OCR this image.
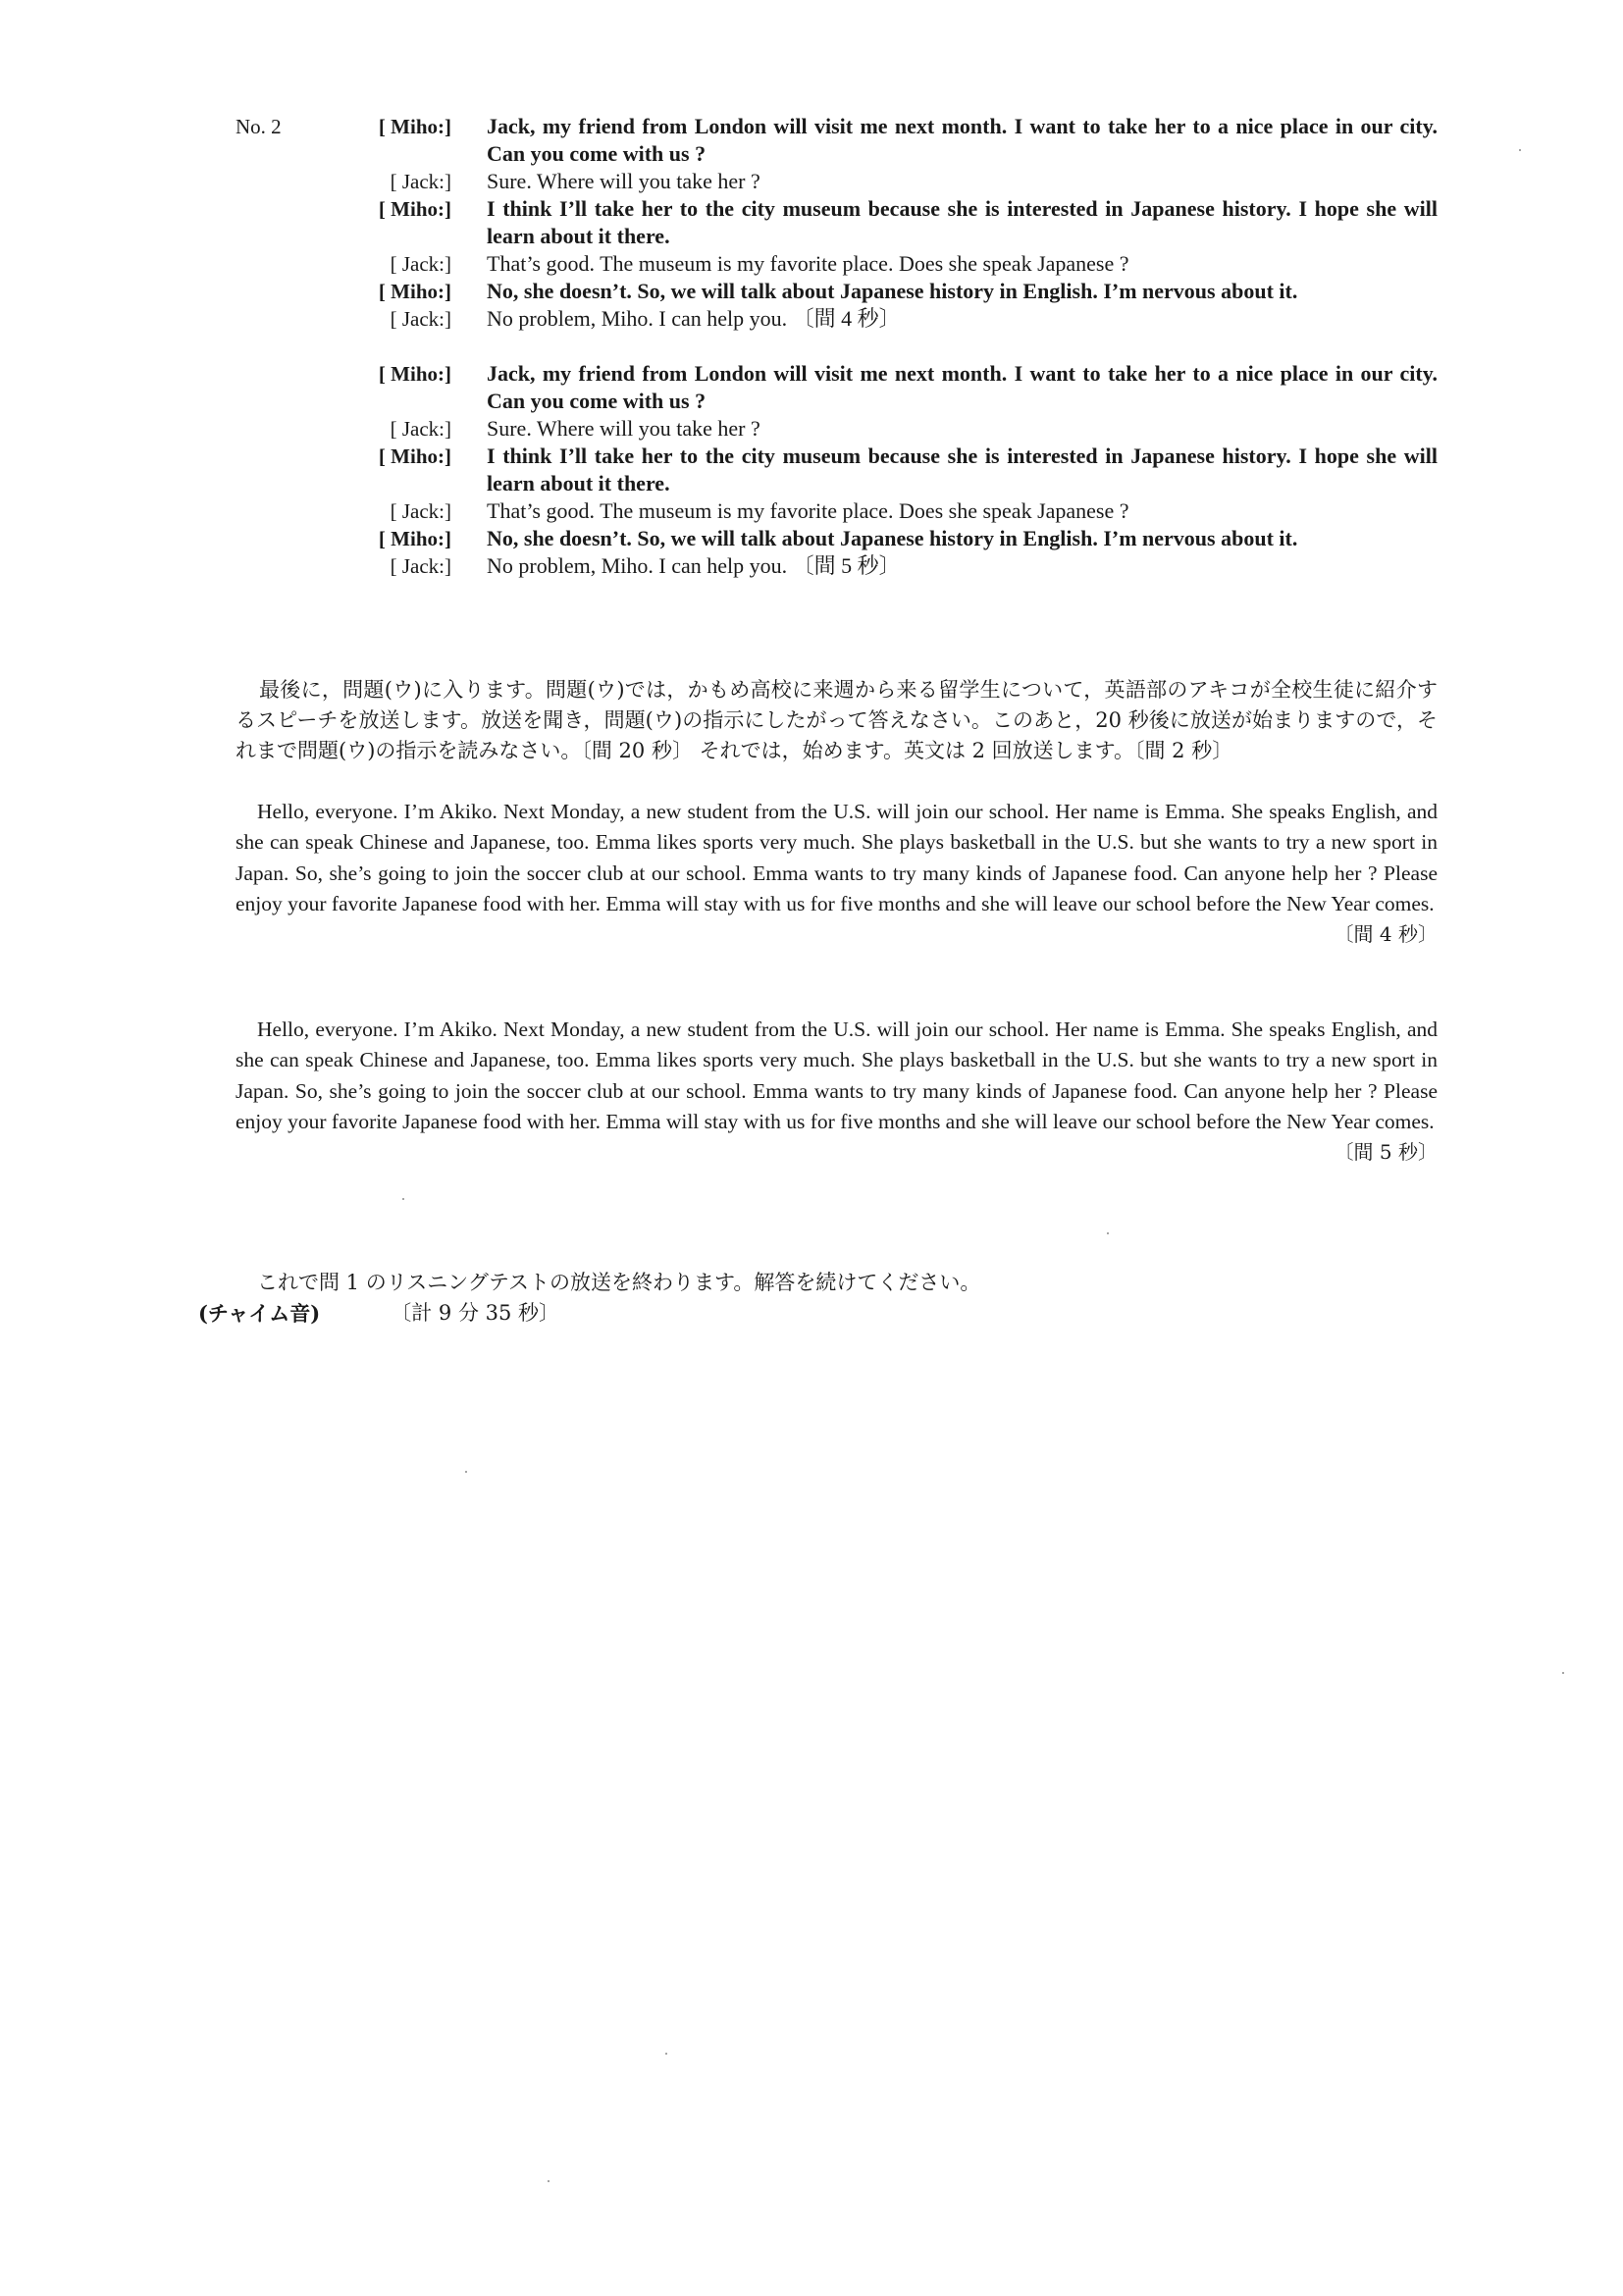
No. 2	[ Miho:] Jack, my friend from London will visit me next month. I want to take her to a nice place in our city. Can you come with us ?
[ Jack:] Sure. Where will you take her ?
[ Miho:] I think I’ll take her to the city museum because she is interested in Japanese history. I hope she will learn about it there.
[ Jack:] That’s good. The museum is my favorite place. Does she speak Japanese ?
[ Miho:] No, she doesn’t. So, we will talk about Japanese history in English. I’m nervous about it.
[ Jack:] No problem, Miho. I can help you. 〔間 4 秒〕
[ Miho:] Jack, my friend from London will visit me next month. I want to take her to a nice place in our city. Can you come with us ?
[ Jack:] Sure. Where will you take her ?
[ Miho:] I think I’ll take her to the city museum because she is interested in Japanese history. I hope she will learn about it there.
[ Jack:] That’s good. The museum is my favorite place. Does she speak Japanese ?
[ Miho:] No, she doesn’t. So, we will talk about Japanese history in English. I’m nervous about it.
[ Jack:] No problem, Miho. I can help you. 〔間 5 秒〕

最後に，問題(ウ)に入ります。問題(ウ)では，かもめ高校に来週から来る留学生について，英語部のアキコが全校生徒に紹介するスピーチを放送します。放送を聞き，問題(ウ)の指示にしたがって答えなさい。このあと，20 秒後に放送が始まりますので，それまで問題(ウ)の指示を読みなさい。〔間 20 秒〕 それでは，始めます。英文は 2 回放送します。〔間 2 秒〕

Hello, everyone. I’m Akiko. Next Monday, a new student from the U.S. will join our school. Her name is Emma. She speaks English, and she can speak Chinese and Japanese, too. Emma likes sports very much. She plays basketball in the U.S. but she wants to try a new sport in Japan. So, she’s going to join the soccer club at our school. Emma wants to try many kinds of Japanese food. Can anyone help her ? Please enjoy your favorite Japanese food with her. Emma will stay with us for five months and she will leave our school before the New Year comes.

〔間 4 秒〕

Hello, everyone. I’m Akiko. Next Monday, a new student from the U.S. will join our school. Her name is Emma. She speaks English, and she can speak Chinese and Japanese, too. Emma likes sports very much. She plays basketball in the U.S. but she wants to try a new sport in Japan. So, she’s going to join the soccer club at our school. Emma wants to try many kinds of Japanese food. Can anyone help her ? Please enjoy your favorite Japanese food with her. Emma will stay with us for five months and she will leave our school before the New Year comes.

〔間 5 秒〕

これで問 1 のリスニングテストの放送を終わります。解答を続けてください。
(チャイム音)	〔計 9 分 35 秒〕
